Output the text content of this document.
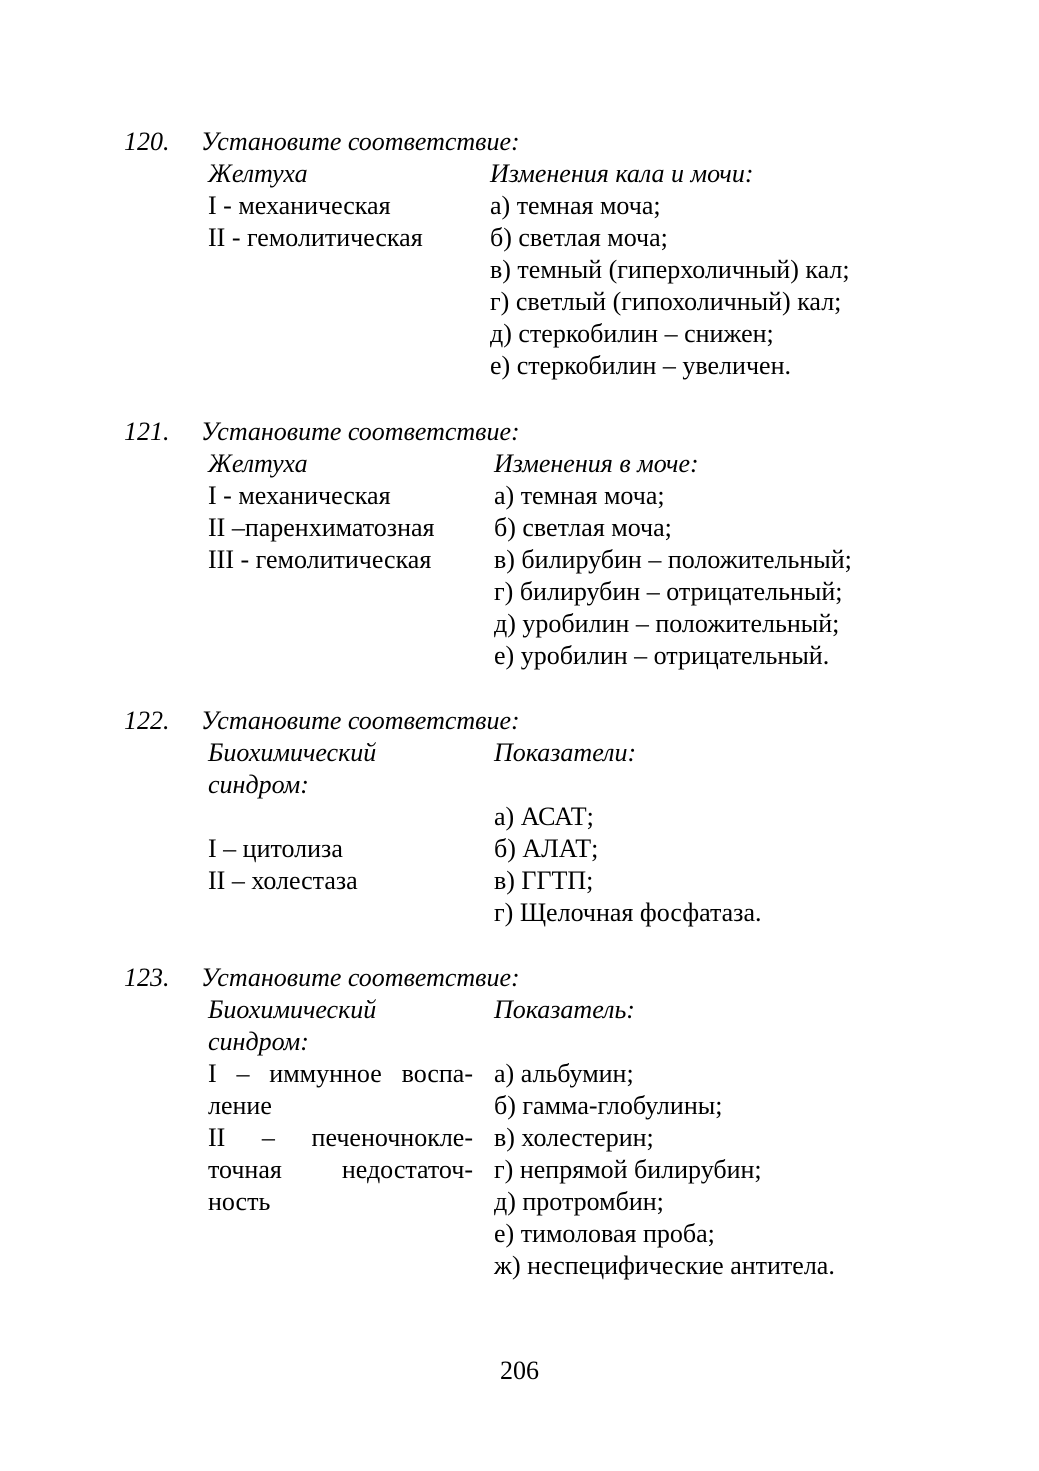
120. Установите соответствие:
Желтуха
I - механическая
II - гемолитическая
Изменения кала и мочи:
а) темная моча;
б) светлая моча;
в) темный (гиперхоличный) кал;
г) светлый (гипохоличный) кал;
д) стеркобилин – снижен;
е) стеркобилин – увеличен.
121. Установите соответствие:
Желтуха
I - механическая
II –паренхиматозная
III - гемолитическая
Изменения в моче:
а) темная моча;
б) светлая моча;
в) билирубин – положительный;
г) билирубин – отрицательный;
д) уробилин – положительный;
е) уробилин – отрицательный.
122. Установите соответствие:
Биохимический
синдром:
I – цитолиза
II – холестаза
Показатели:
а) АСАТ;
б) АЛАТ;
в) ГГТП;
г) Щелочная фосфатаза.
123. Установите соответствие:
Биохимический
синдром:
I – иммунное воспа-
ление
II – печеночнокле-
точная недостаточ-
ность
Показатель:
а) альбумин;
б) гамма-глобулины;
в) холестерин;
г) непрямой билирубин;
д) протромбин;
е) тимоловая проба;
ж) неспецифические антитела.
206
